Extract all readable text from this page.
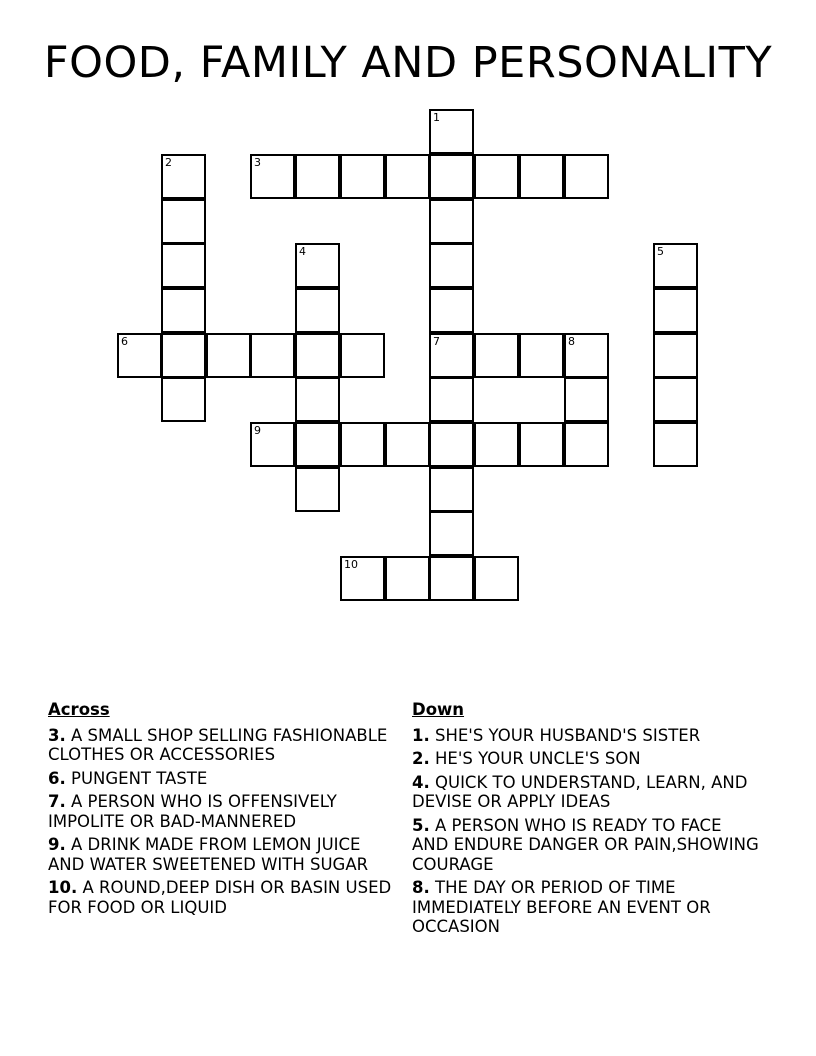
FOOD, FAMILY AND PERSONALITY
1
2	3
4	5
6	7	8
9
10
Across
3. A SMALL SHOP SELLING FASHIONABLE CLOTHES OR ACCESSORIES
6. PUNGENT TASTE
7. A PERSON WHO IS OFFENSIVELY IMPOLITE OR BAD-MANNERED
9. A DRINK MADE FROM LEMON JUICE AND WATER SWEETENED WITH SUGAR
10. A ROUND,DEEP DISH OR BASIN USED FOR FOOD OR LIQUID
Down
1. SHE'S YOUR HUSBAND'S SISTER
2. HE'S YOUR UNCLE'S SON
4. QUICK TO UNDERSTAND, LEARN, AND DEVISE OR APPLY IDEAS
5. A PERSON WHO IS READY TO FACE AND ENDURE DANGER OR PAIN,SHOWING COURAGE
8. THE DAY OR PERIOD OF TIME IMMEDIATELY BEFORE AN EVENT OR OCCASION
